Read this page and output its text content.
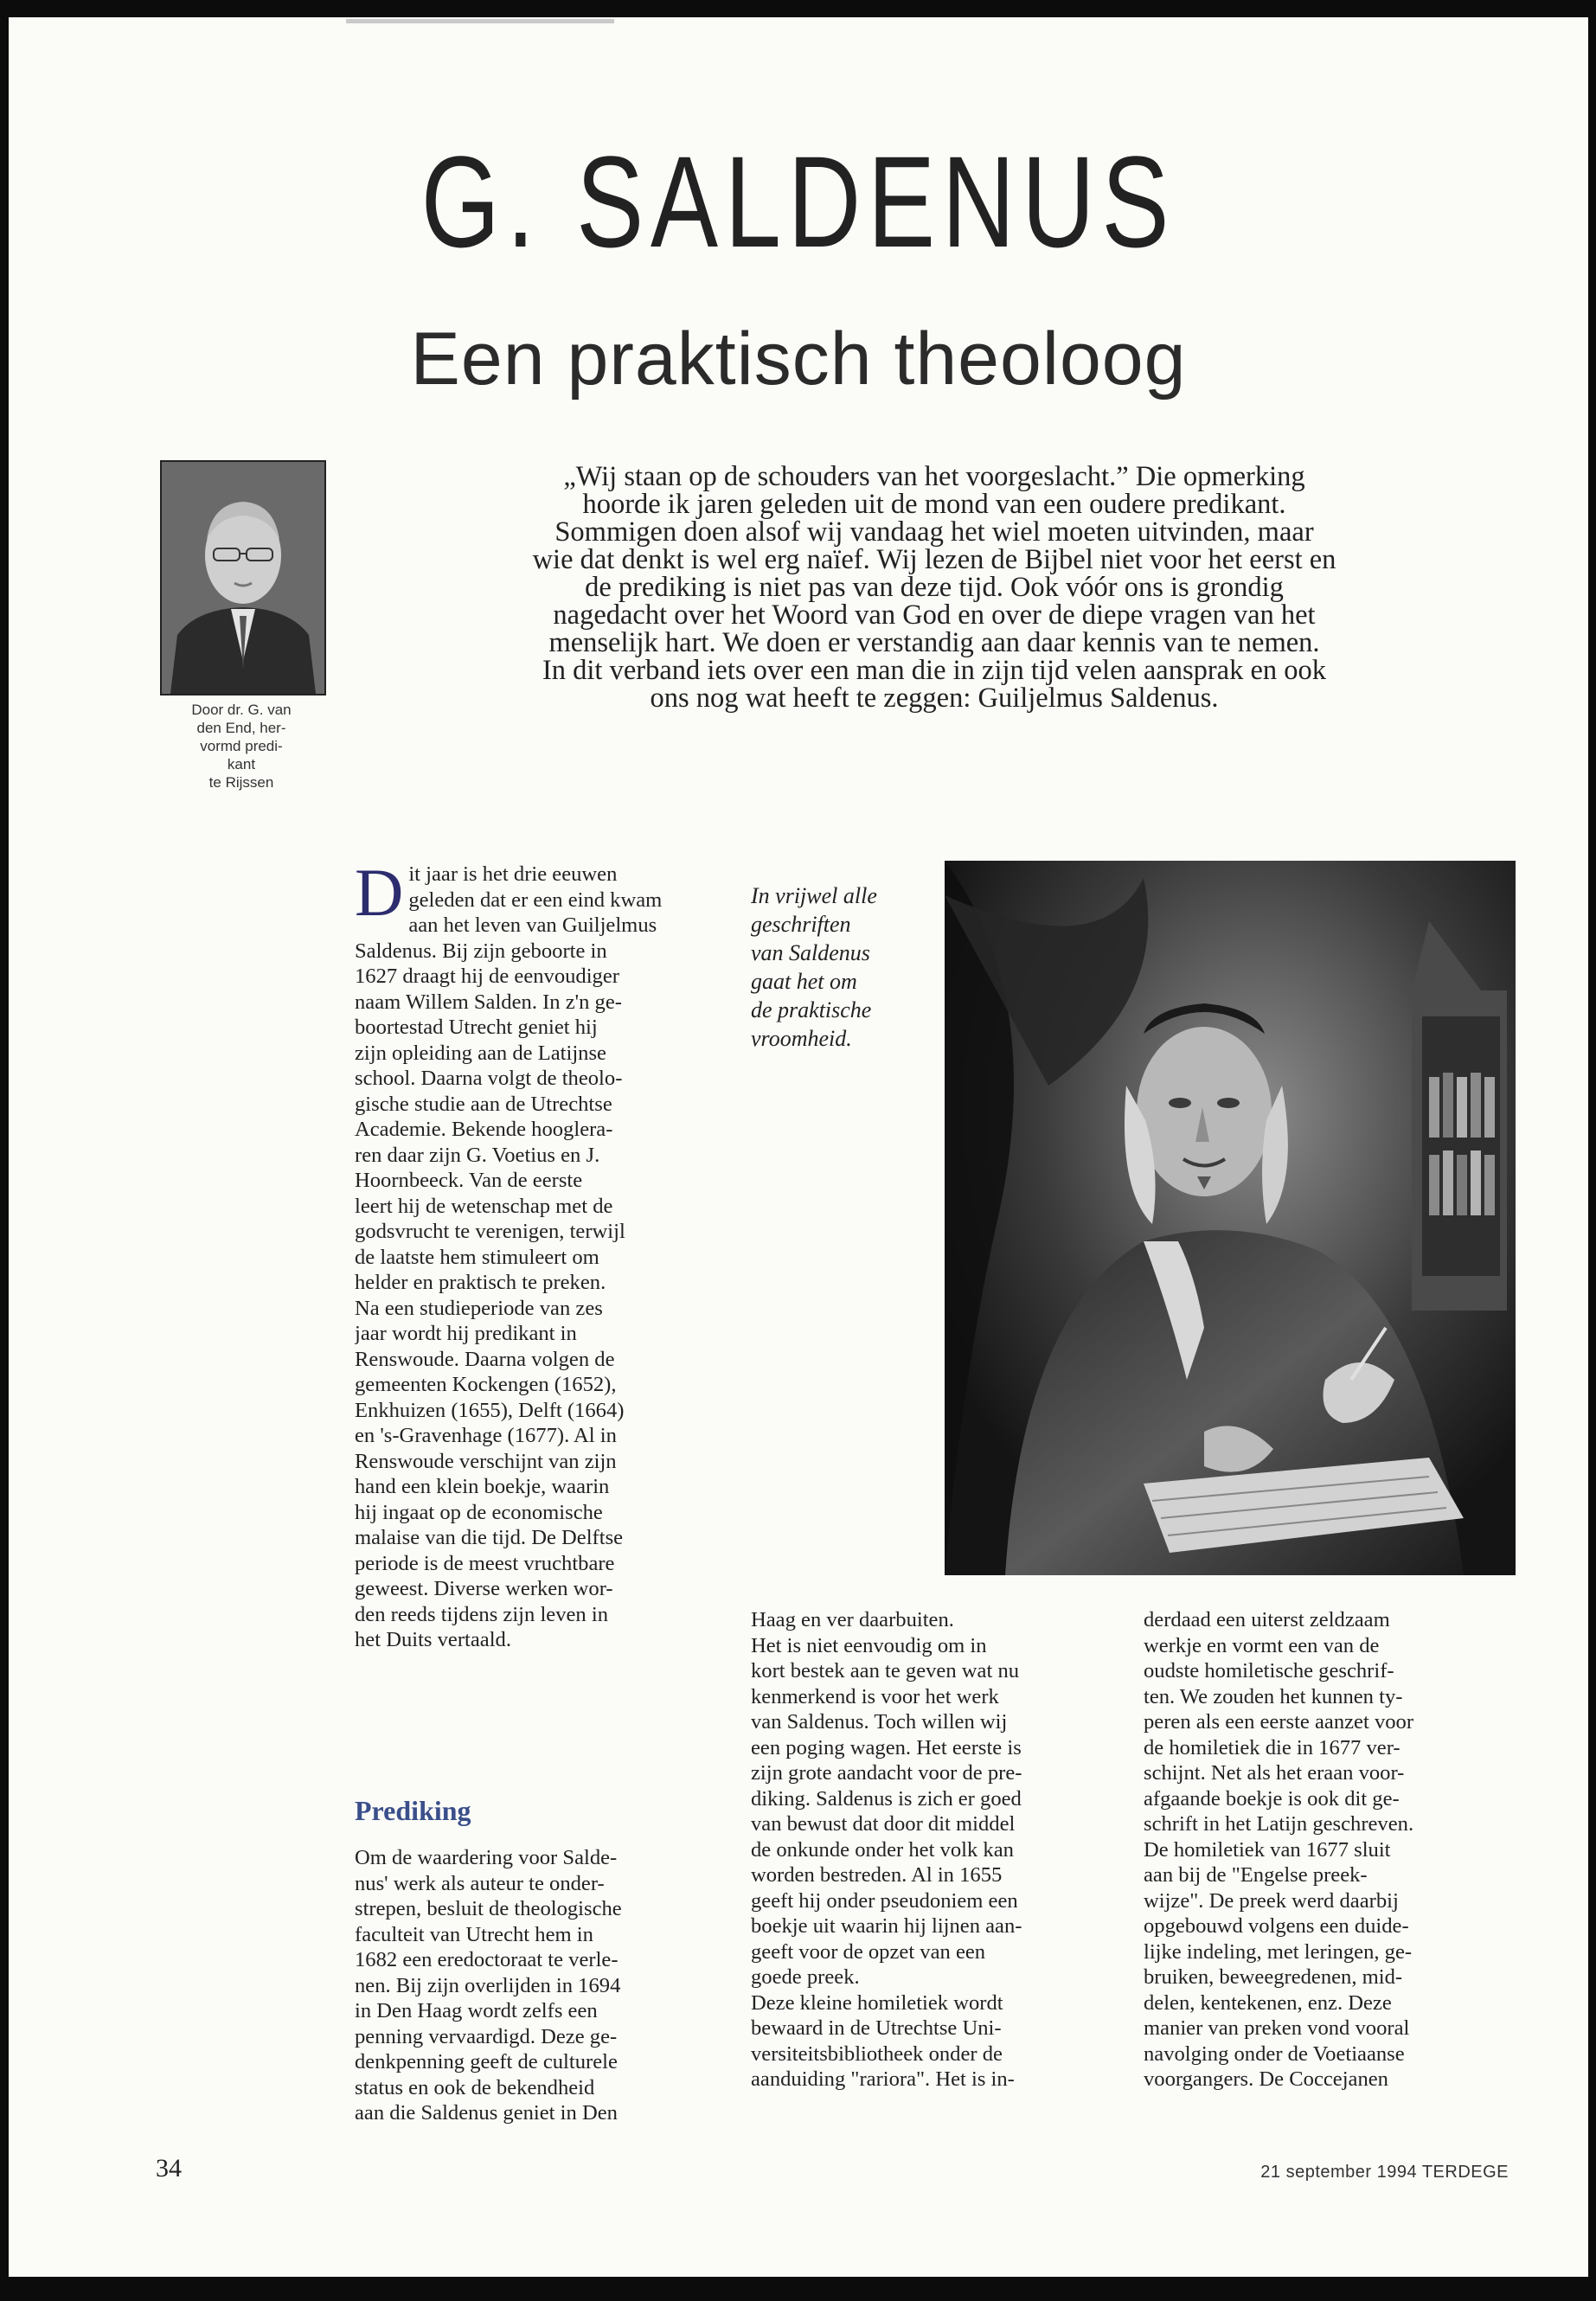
G. SALDENUS
Een praktisch theoloog
Door dr. G. van
den End, her-
vormd predi-
kant
te Rijssen
„Wij staan op de schouders van het voorgeslacht.” Die opmerking
hoorde ik jaren geleden uit de mond van een oudere predikant.
Sommigen doen alsof wij vandaag het wiel moeten uitvinden, maar
wie dat denkt is wel erg naïef. Wij lezen de Bijbel niet voor het eerst en
de prediking is niet pas van deze tijd. Ook vóór ons is grondig
nagedacht over het Woord van God en over de diepe vragen van het
menselijk hart. We doen er verstandig aan daar kennis van te nemen.
In dit verband iets over een man die in zijn tijd velen aansprak en ook
ons nog wat heeft te zeggen: Guiljelmus Saldenus.
D it jaar is het drie eeuwen
geleden dat er een eind kwam
aan het leven van Guiljelmus
Saldenus. Bij zijn geboorte in
1627 draagt hij de eenvoudiger
naam Willem Salden. In z'n ge-
boortestad Utrecht geniet hij
zijn opleiding aan de Latijnse
school. Daarna volgt de theolo-
gische studie aan de Utrechtse
Academie. Bekende hooglera-
ren daar zijn G. Voetius en J.
Hoornbeeck. Van de eerste
leert hij de wetenschap met de
godsvrucht te verenigen, terwijl
de laatste hem stimuleert om
helder en praktisch te preken.
Na een studieperiode van zes
jaar wordt hij predikant in
Renswoude. Daarna volgen de
gemeenten Kockengen (1652),
Enkhuizen (1655), Delft (1664)
en 's-Gravenhage (1677). Al in
Renswoude verschijnt van zijn
hand een klein boekje, waarin
hij ingaat op de economische
malaise van die tijd. De Delftse
periode is de meest vruchtbare
geweest. Diverse werken wor-
den reeds tijdens zijn leven in
het Duits vertaald.
Prediking
Om de waardering voor Salde-
nus' werk als auteur te onder-
strepen, besluit de theologische
faculteit van Utrecht hem in
1682 een eredoctoraat te verle-
nen. Bij zijn overlijden in 1694
in Den Haag wordt zelfs een
penning vervaardigd. Deze ge-
denkpenning geeft de culturele
status en ook de bekendheid
aan die Saldenus geniet in Den
In vrijwel alle
geschriften
van Saldenus
gaat het om
de praktische
vroomheid.
Haag en ver daarbuiten.
Het is niet eenvoudig om in
kort bestek aan te geven wat nu
kenmerkend is voor het werk
van Saldenus. Toch willen wij
een poging wagen. Het eerste is
zijn grote aandacht voor de pre-
diking. Saldenus is zich er goed
van bewust dat door dit middel
de onkunde onder het volk kan
worden bestreden. Al in 1655
geeft hij onder pseudoniem een
boekje uit waarin hij lijnen aan-
geeft voor de opzet van een
goede preek.
Deze kleine homiletiek wordt
bewaard in de Utrechtse Uni-
versiteitsbibliotheek onder de
aanduiding "rariora". Het is in-
derdaad een uiterst zeldzaam
werkje en vormt een van de
oudste homiletische geschrif-
ten. We zouden het kunnen ty-
peren als een eerste aanzet voor
de homiletiek die in 1677 ver-
schijnt. Net als het eraan voor-
afgaande boekje is ook dit ge-
schrift in het Latijn geschreven.
De homiletiek van 1677 sluit
aan bij de "Engelse preek-
wijze". De preek werd daarbij
opgebouwd volgens een duide-
lijke indeling, met leringen, ge-
bruiken, beweegredenen, mid-
delen, kentekenen, enz. Deze
manier van preken vond vooral
navolging onder de Voetiaanse
voorgangers. De Coccejanen
34	21 september 1994 TERDEGE
